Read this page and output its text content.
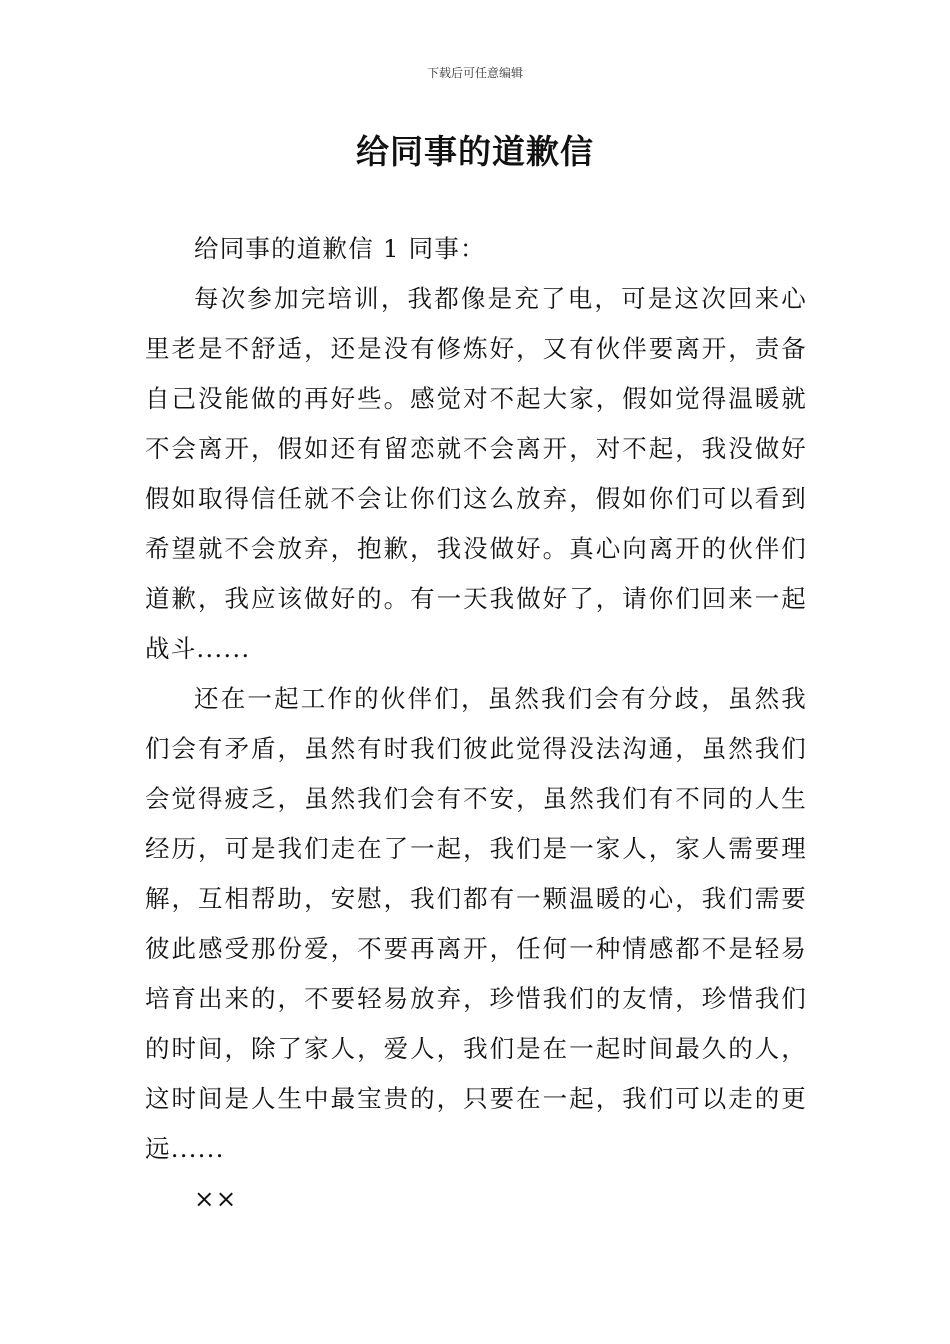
下载后可任意编辑
给同事的道歉信

给同事的道歉信 1 同事：

每次参加完培训，我都像是充了电，可是这次回来心里老是不舒适，还是没有修炼好，又有伙伴要离开，责备自己没能做的再好些。感觉对不起大家，假如觉得温暖就不会离开，假如还有留恋就不会离开，对不起，我没做好假如取得信任就不会让你们这么放弃，假如你们可以看到希望就不会放弃，抱歉，我没做好。真心向离开的伙伴们道歉，我应该做好的。有一天我做好了，请你们回来一起战斗......

还在一起工作的伙伴们，虽然我们会有分歧，虽然我们会有矛盾，虽然有时我们彼此觉得没法沟通，虽然我们会觉得疲乏，虽然我们会有不安，虽然我们有不同的人生经历，可是我们走在了一起，我们是一家人，家人需要理解，互相帮助，安慰，我们都有一颗温暖的心，我们需要彼此感受那份爱，不要再离开，任何一种情感都不是轻易培育出来的，不要轻易放弃，珍惜我们的友情，珍惜我们的时间，除了家人，爱人，我们是在一起时间最久的人，这时间是人生中最宝贵的，只要在一起，我们可以走的更远......

××
